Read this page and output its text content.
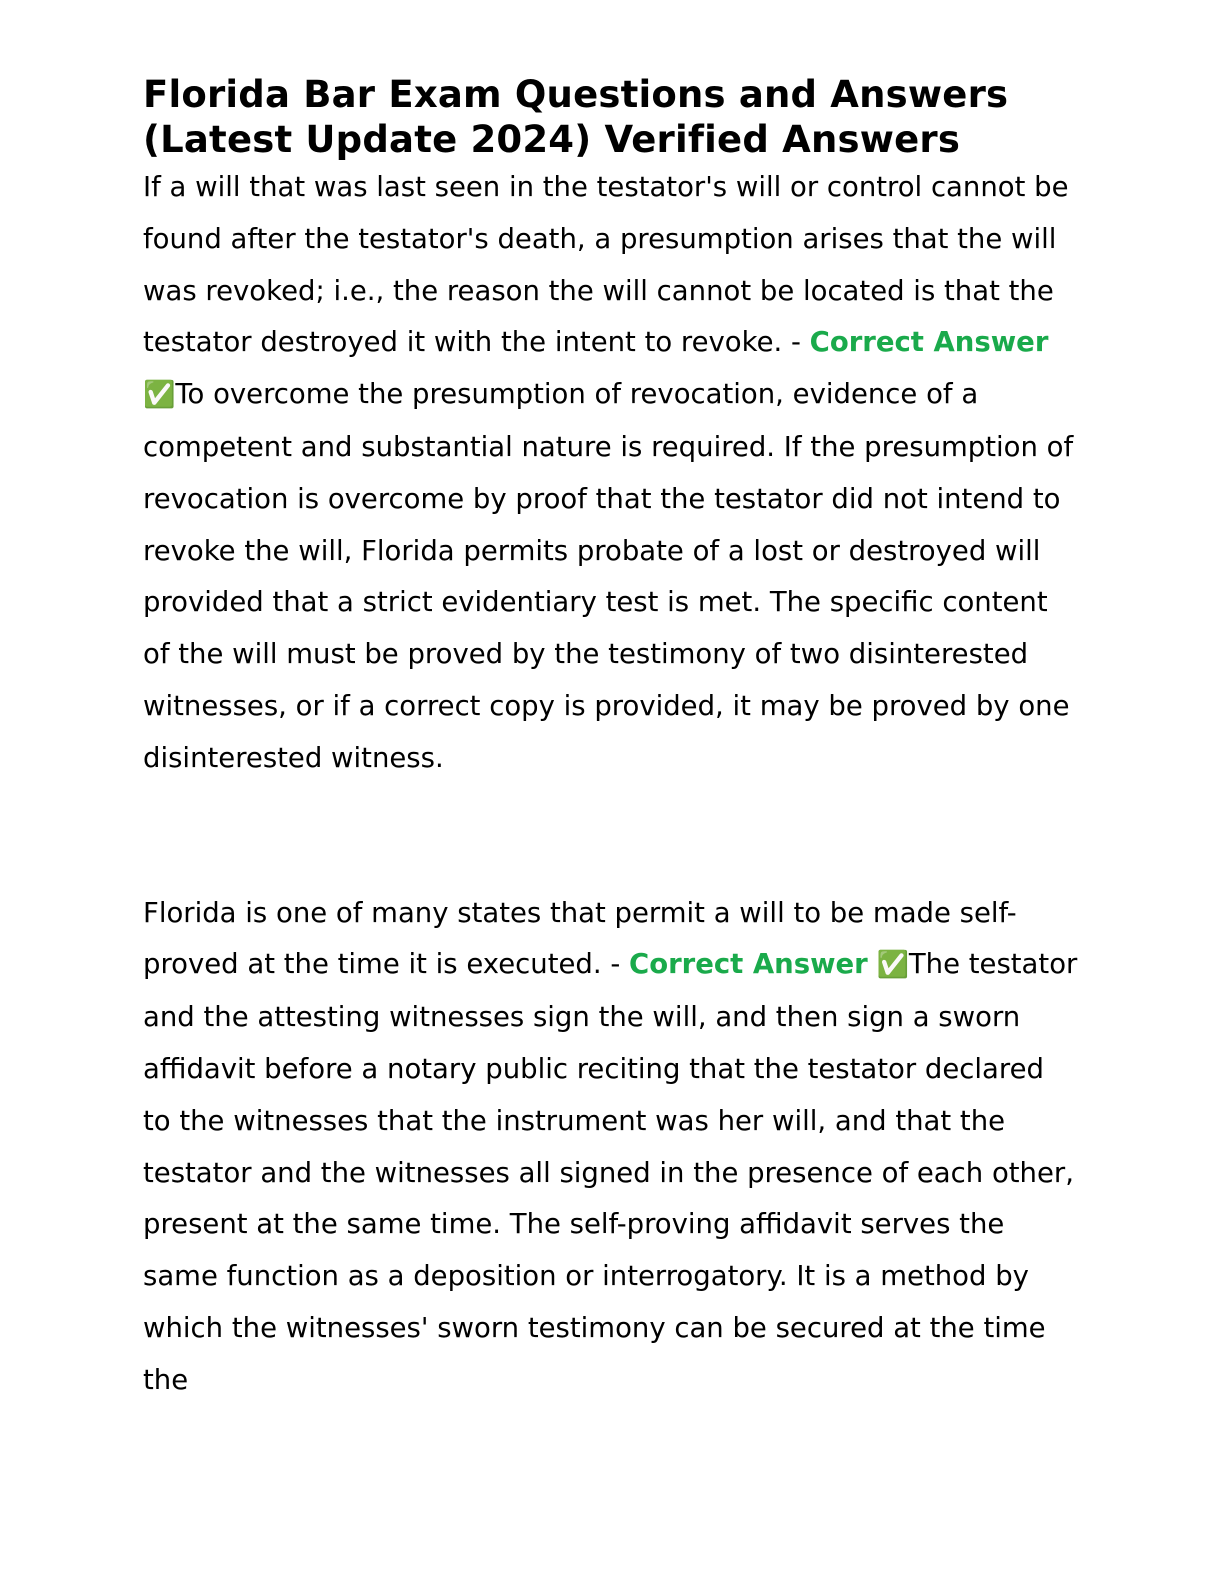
Florida Bar Exam Questions and Answers (Latest Update 2024) Verified Answers

If a will that was last seen in the testator's will or control cannot be found after the testator's death, a presumption arises that the will was revoked; i.e., the reason the will cannot be located is that the testator destroyed it with the intent to revoke. - Correct Answer ✅To overcome the presumption of revocation, evidence of a competent and substantial nature is required. If the presumption of revocation is overcome by proof that the testator did not intend to revoke the will, Florida permits probate of a lost or destroyed will provided that a strict evidentiary test is met. The specific content of the will must be proved by the testimony of two disinterested witnesses, or if a correct copy is provided, it may be proved by one disinterested witness.

Florida is one of many states that permit a will to be made self-proved at the time it is executed. - Correct Answer ✅The testator and the attesting witnesses sign the will, and then sign a sworn affidavit before a notary public reciting that the testator declared to the witnesses that the instrument was her will, and that the testator and the witnesses all signed in the presence of each other, present at the same time. The self-proving affidavit serves the same function as a deposition or interrogatory. It is a method by which the witnesses' sworn testimony can be secured at the time the
